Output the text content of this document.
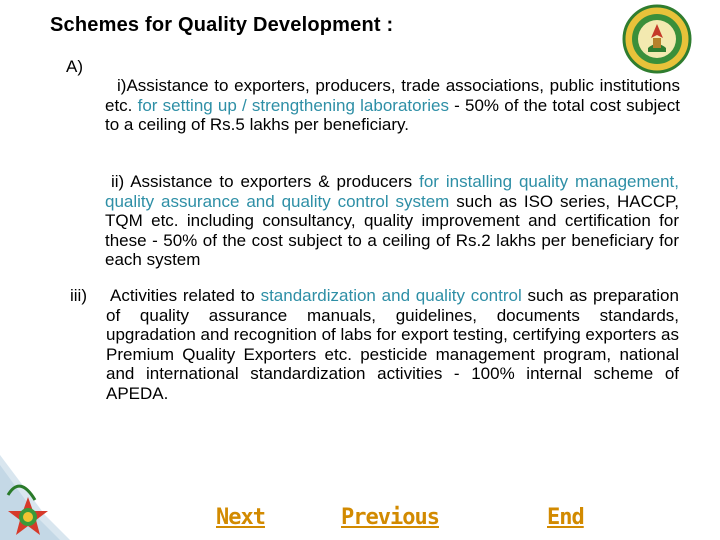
Schemes for Quality Development :
A)
i)Assistance to exporters, producers, trade associations, public institutions etc. for setting up / strengthening laboratories - 50% of the total cost subject to a ceiling of Rs.5 lakhs per beneficiary.
ii) Assistance to exporters & producers for installing quality management, quality assurance and quality control system such as ISO series, HACCP, TQM etc. including consultancy, quality improvement and certification for these - 50% of the cost subject to a ceiling of Rs.2 lakhs per beneficiary for each system
iii) Activities related to standardization and quality control such as preparation of quality assurance manuals, guidelines, documents standards, upgradation and recognition of labs for export testing, certifying exporters as Premium Quality Exporters etc. pesticide management program, national and international standardization activities - 100% internal scheme of APEDA.
Next	Previous	End
